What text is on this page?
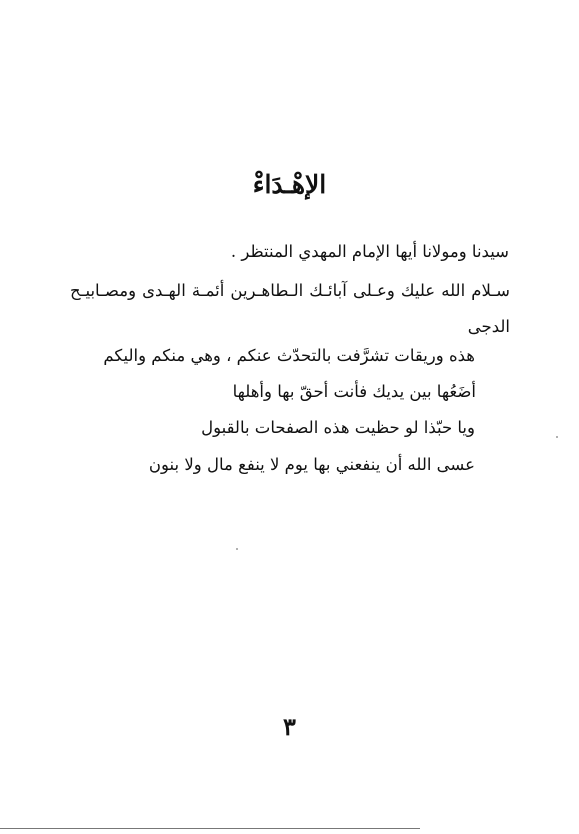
الإهْـدَاءْ
سيدنا ومولانا أيها الإمام المهدي المنتظر .
سـلام الله عليك وعـلى آبائـك الـطاهـرين أئمـة الهـدى ومصـابيـح
الدجى
هذه وريقات تشرَّفت بالتحدّث عنكم ، وهي منكم واليكم
أضَعُها بين يديك فأنت أحقّ بها وأهلها
ويا حبّذا لو حظيت هذه الصفحات بالقبول
عسى الله أن ينفعني بها يوم لا ينفع مال ولا بنون
٣
